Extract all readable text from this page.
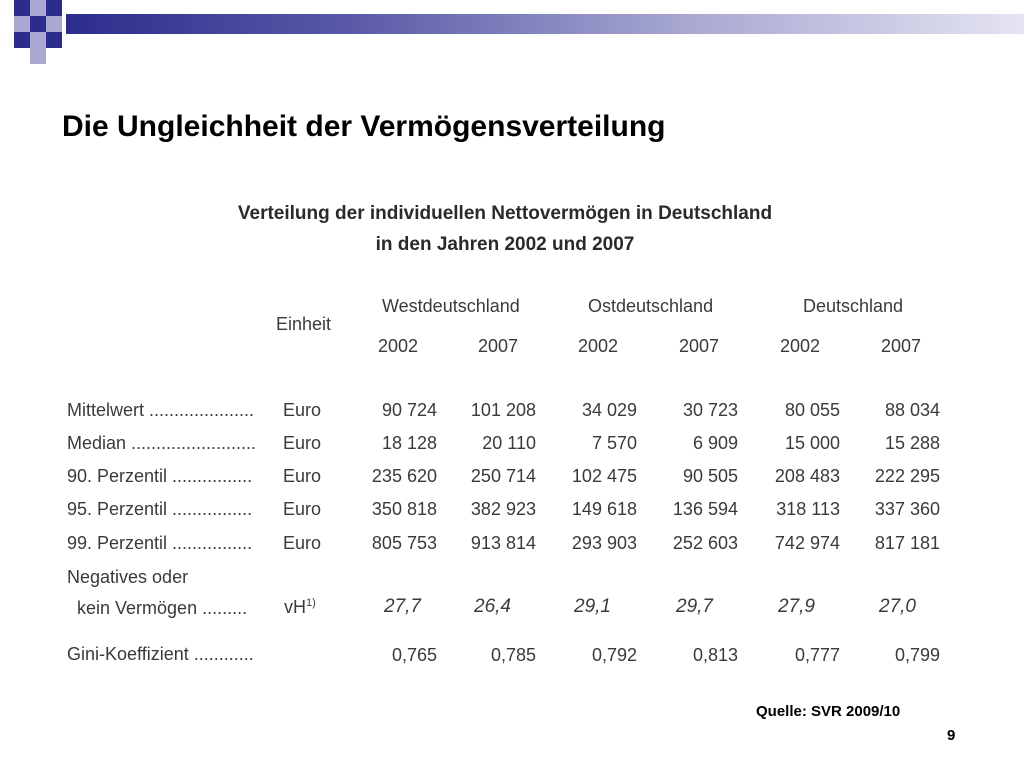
Die Ungleichheit der Vermögensverteilung
Verteilung der individuellen Nettovermögen in Deutschland
in den Jahren 2002 und 2007
Einheit
Westdeutschland	Ostdeutschland	Deutschland
2002	2007	2002	2007	2002	2007
Mittelwert ..................... Euro	90 724	101 208	34 029	30 723	80 055	88 034
Median ......................... Euro	18 128	20 110	7 570	6 909	15 000	15 288
90. Perzentil ................ Euro	235 620	250 714	102 475	90 505	208 483	222 295
95. Perzentil ................ Euro	350 818	382 923	149 618	136 594	318 113	337 360
99. Perzentil ................ Euro	805 753	913 814	293 903	252 603	742 974	817 181
Negatives oder
kein Vermögen ......... $vH^{1)}$	27,7	26,4	29,1	29,7	27,9	27,0
Gini-Koeffizient ............	0,765	0,785	0,792	0,813	0,777	0,799
Quelle: SVR 2009/10
9
